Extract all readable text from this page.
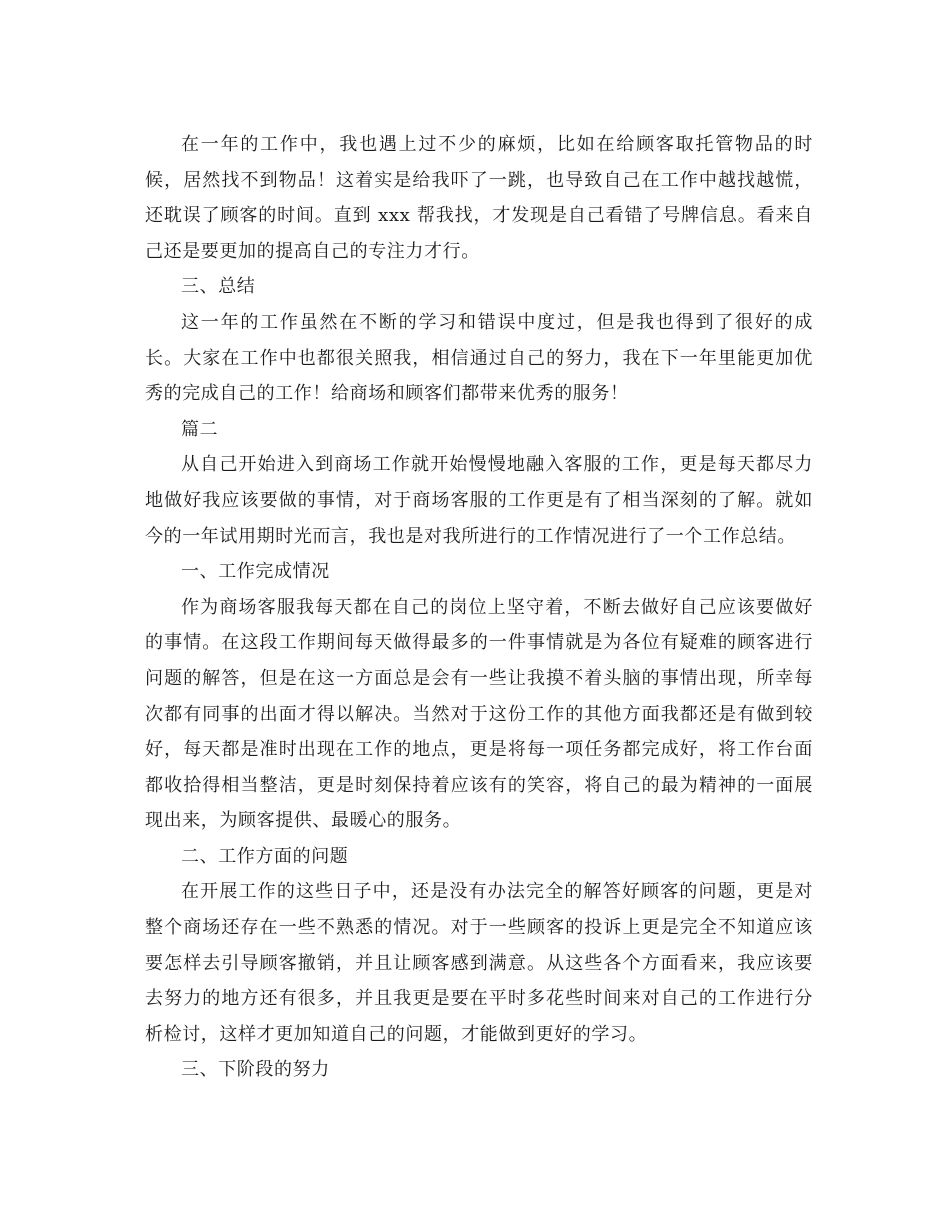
在一年的工作中，我也遇上过不少的麻烦，比如在给顾客取托管物品的时候，居然找不到物品！这着实是给我吓了一跳，也导致自己在工作中越找越慌，还耽误了顾客的时间。直到 xxx 帮我找，才发现是自己看错了号牌信息。看来自己还是要更加的提高自己的专注力才行。

三、总结

这一年的工作虽然在不断的学习和错误中度过，但是我也得到了很好的成长。大家在工作中也都很关照我，相信通过自己的努力，我在下一年里能更加优秀的完成自己的工作！给商场和顾客们都带来优秀的服务！

篇二

从自己开始进入到商场工作就开始慢慢地融入客服的工作，更是每天都尽力地做好我应该要做的事情，对于商场客服的工作更是有了相当深刻的了解。就如今的一年试用期时光而言，我也是对我所进行的工作情况进行了一个工作总结。

一、工作完成情况

作为商场客服我每天都在自己的岗位上坚守着，不断去做好自己应该要做好的事情。在这段工作期间每天做得最多的一件事情就是为各位有疑难的顾客进行问题的解答，但是在这一方面总是会有一些让我摸不着头脑的事情出现，所幸每次都有同事的出面才得以解决。当然对于这份工作的其他方面我都还是有做到较好，每天都是准时出现在工作的地点，更是将每一项任务都完成好，将工作台面都收拾得相当整洁，更是时刻保持着应该有的笑容，将自己的最为精神的一面展现出来，为顾客提供、最暖心的服务。

二、工作方面的问题

在开展工作的这些日子中，还是没有办法完全的解答好顾客的问题，更是对整个商场还存在一些不熟悉的情况。对于一些顾客的投诉上更是完全不知道应该要怎样去引导顾客撤销，并且让顾客感到满意。从这些各个方面看来，我应该要去努力的地方还有很多，并且我更是要在平时多花些时间来对自己的工作进行分析检讨，这样才更加知道自己的问题，才能做到更好的学习。

三、下阶段的努力
